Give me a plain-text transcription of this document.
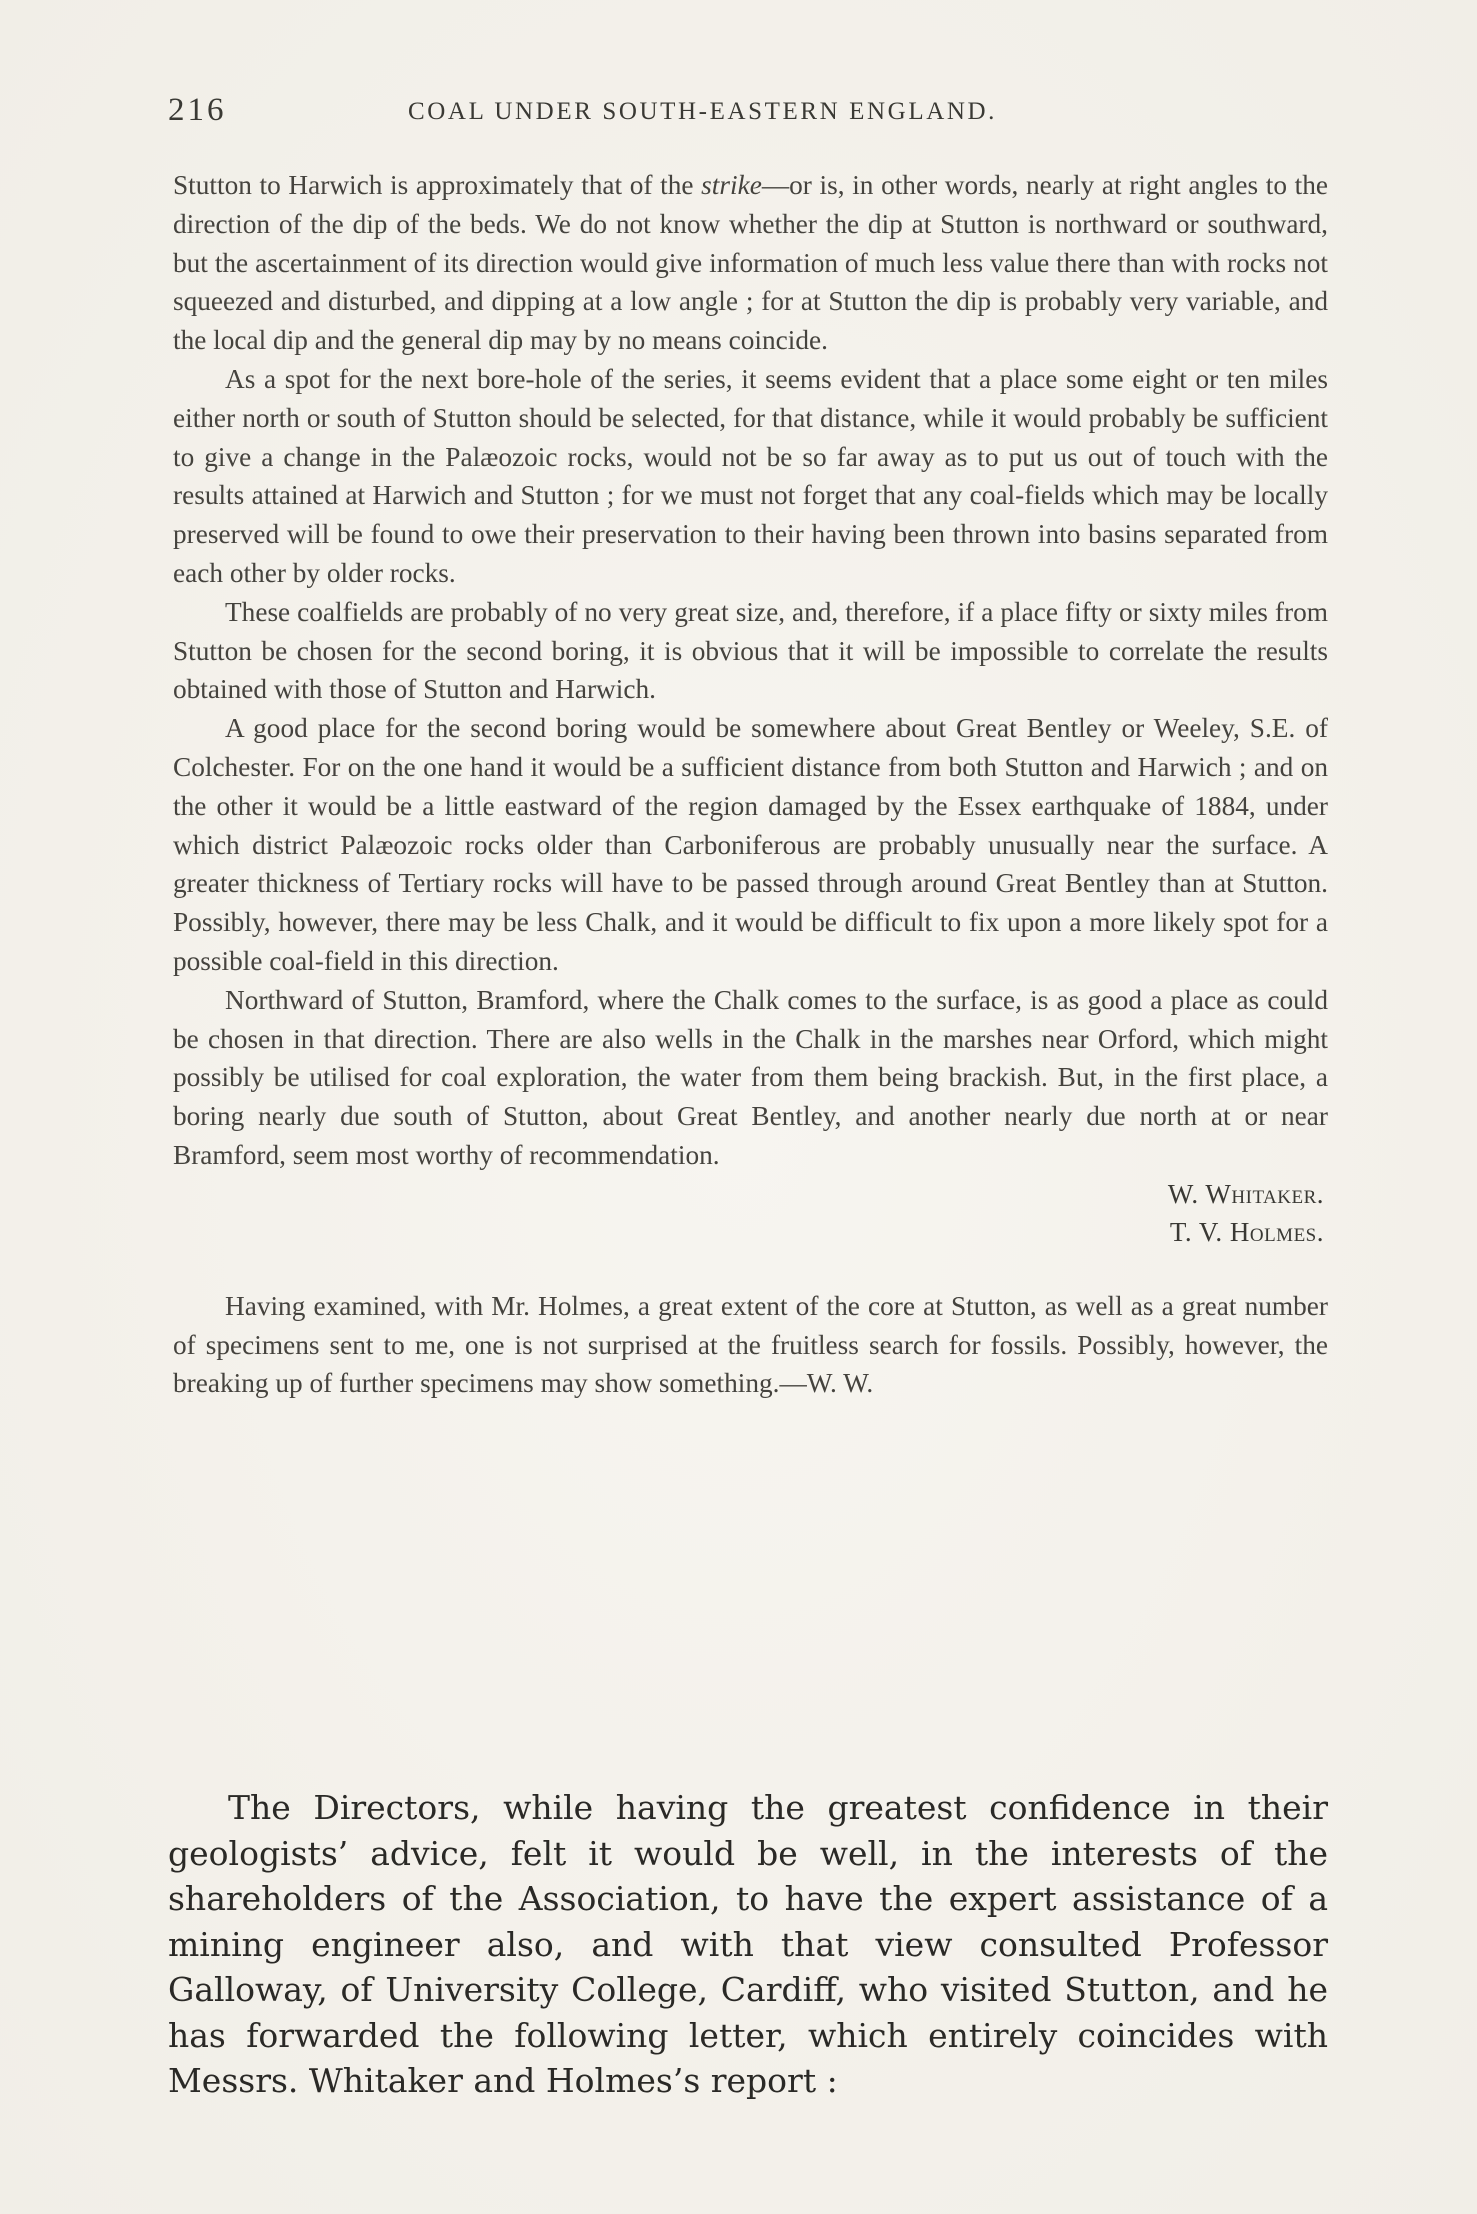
216	COAL UNDER SOUTH-EASTERN ENGLAND.

Stutton to Harwich is approximately that of the strike—or is, in other words, nearly at right angles to the direction of the dip of the beds. We do not know whether the dip at Stutton is northward or southward, but the ascertainment of its direction would give information of much less value there than with rocks not squeezed and disturbed, and dipping at a low angle ; for at Stutton the dip is probably very variable, and the local dip and the general dip may by no means coincide.

As a spot for the next bore-hole of the series, it seems evident that a place some eight or ten miles either north or south of Stutton should be selected, for that distance, while it would probably be sufficient to give a change in the Palæozoic rocks, would not be so far away as to put us out of touch with the results attained at Harwich and Stutton ; for we must not forget that any coal-fields which may be locally preserved will be found to owe their preservation to their having been thrown into basins separated from each other by older rocks.

These coalfields are probably of no very great size, and, therefore, if a place fifty or sixty miles from Stutton be chosen for the second boring, it is obvious that it will be impossible to correlate the results obtained with those of Stutton and Harwich.

A good place for the second boring would be somewhere about Great Bentley or Weeley, S.E. of Colchester. For on the one hand it would be a sufficient distance from both Stutton and Harwich ; and on the other it would be a little eastward of the region damaged by the Essex earthquake of 1884, under which district Palæozoic rocks older than Carboniferous are probably unusually near the surface. A greater thickness of Tertiary rocks will have to be passed through around Great Bentley than at Stutton. Possibly, however, there may be less Chalk, and it would be difficult to fix upon a more likely spot for a possible coal-field in this direction.

Northward of Stutton, Bramford, where the Chalk comes to the surface, is as good a place as could be chosen in that direction. There are also wells in the Chalk in the marshes near Orford, which might possibly be utilised for coal exploration, the water from them being brackish. But, in the first place, a boring nearly due south of Stutton, about Great Bentley, and another nearly due north at or near Bramford, seem most worthy of recommendation.

W. Whitaker.
T. V. Holmes.

Having examined, with Mr. Holmes, a great extent of the core at Stutton, as well as a great number of specimens sent to me, one is not surprised at the fruitless search for fossils. Possibly, however, the breaking up of further specimens may show something.—W. W.

The Directors, while having the greatest confidence in their geologists’ advice, felt it would be well, in the interests of the shareholders of the Association, to have the expert assistance of a mining engineer also, and with that view consulted Professor Galloway, of University College, Cardiff, who visited Stutton, and he has forwarded the following letter, which entirely coincides with Messrs. Whitaker and Holmes’s report :
